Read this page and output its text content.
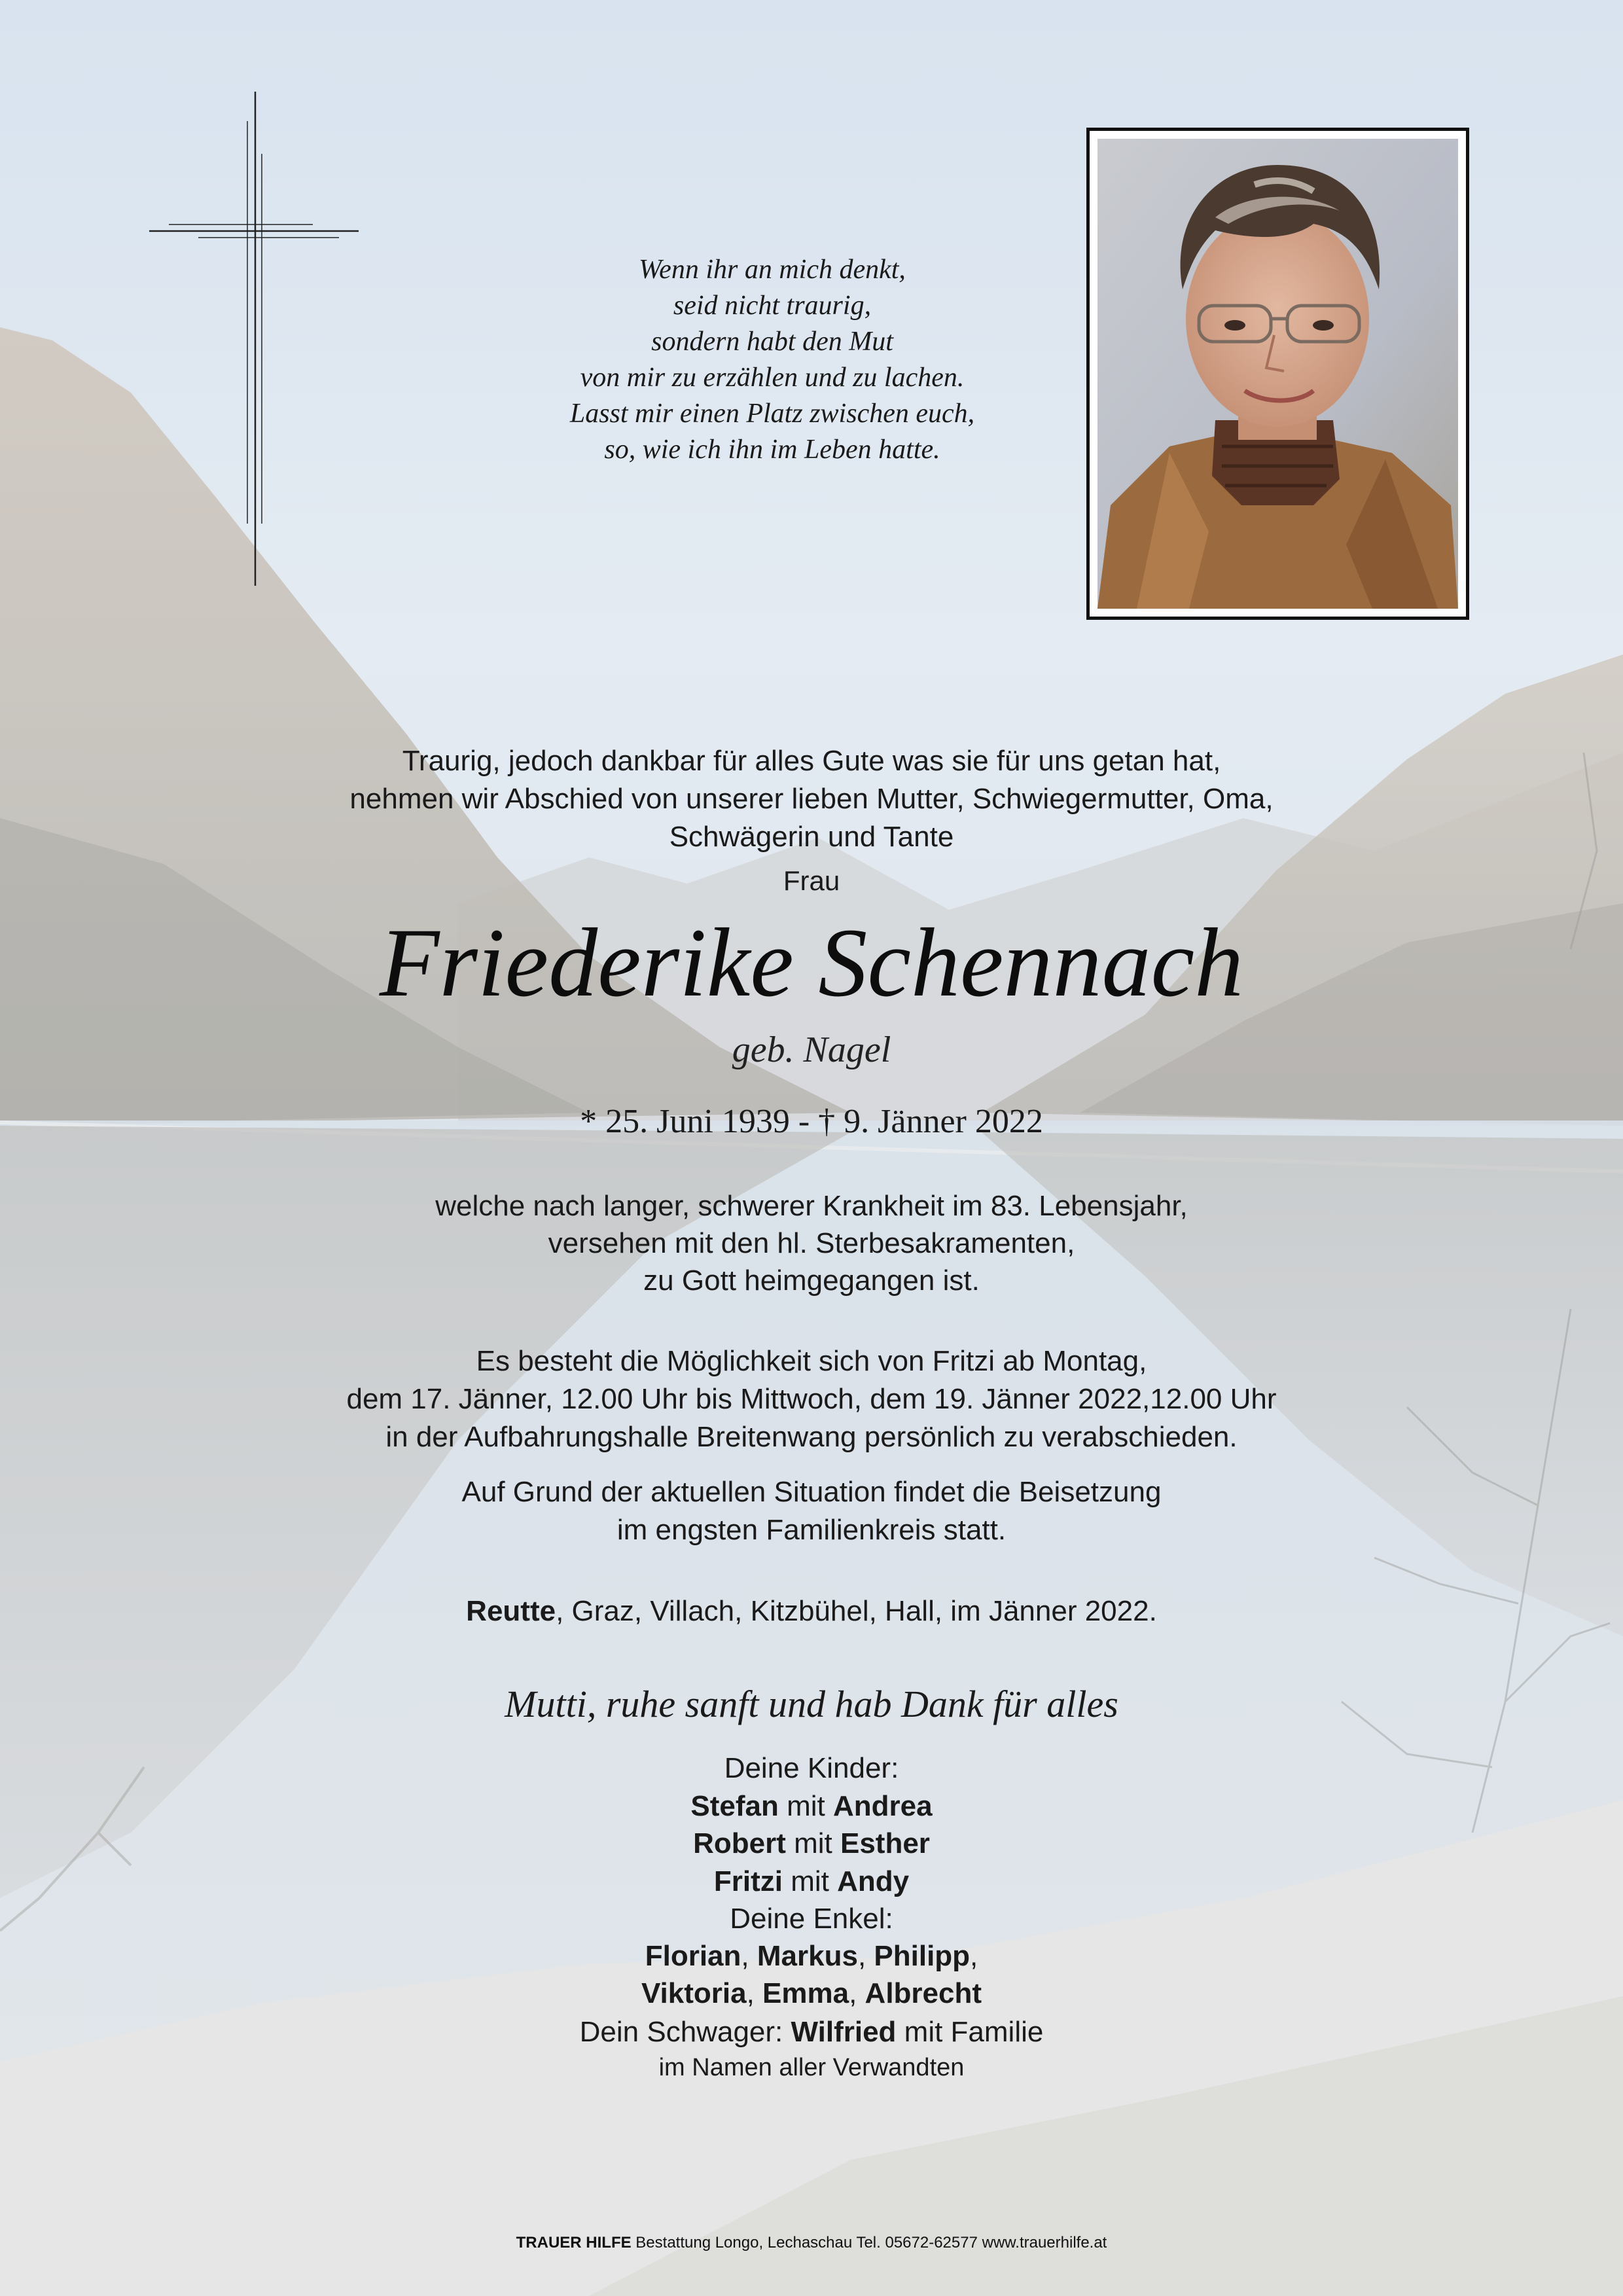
Wenn ihr an mich denkt,
seid nicht traurig,
sondern habt den Mut
von mir zu erzählen und zu lachen.
Lasst mir einen Platz zwischen euch,
so, wie ich ihn im Leben hatte.
Traurig, jedoch dankbar für alles Gute was sie für uns getan hat,
nehmen wir Abschied von unserer lieben Mutter, Schwiegermutter, Oma,
Schwägerin und Tante
Frau
Friederike Schennach
geb. Nagel
* 25. Juni 1939 - † 9. Jänner 2022
welche nach langer, schwerer Krankheit im 83. Lebensjahr,
versehen mit den hl. Sterbesakramenten,
zu Gott heimgegangen ist.
Es besteht die Möglichkeit sich von Fritzi ab Montag,
dem 17. Jänner, 12.00 Uhr bis Mittwoch, dem 19. Jänner 2022,12.00 Uhr
in der Aufbahrungshalle Breitenwang persönlich zu verabschieden.
Auf Grund der aktuellen Situation findet die Beisetzung
im engsten Familienkreis statt.
Reutte, Graz, Villach, Kitzbühel, Hall, im Jänner 2022.
Mutti, ruhe sanft und hab Dank für alles
Deine Kinder:
Stefan mit Andrea
Robert mit Esther
Fritzi mit Andy
Deine Enkel:
Florian, Markus, Philipp,
Viktoria, Emma, Albrecht
Dein Schwager: Wilfried mit Familie
im Namen aller Verwandten
TRAUER HILFE Bestattung Longo, Lechaschau Tel. 05672-62577 www.trauerhilfe.at
